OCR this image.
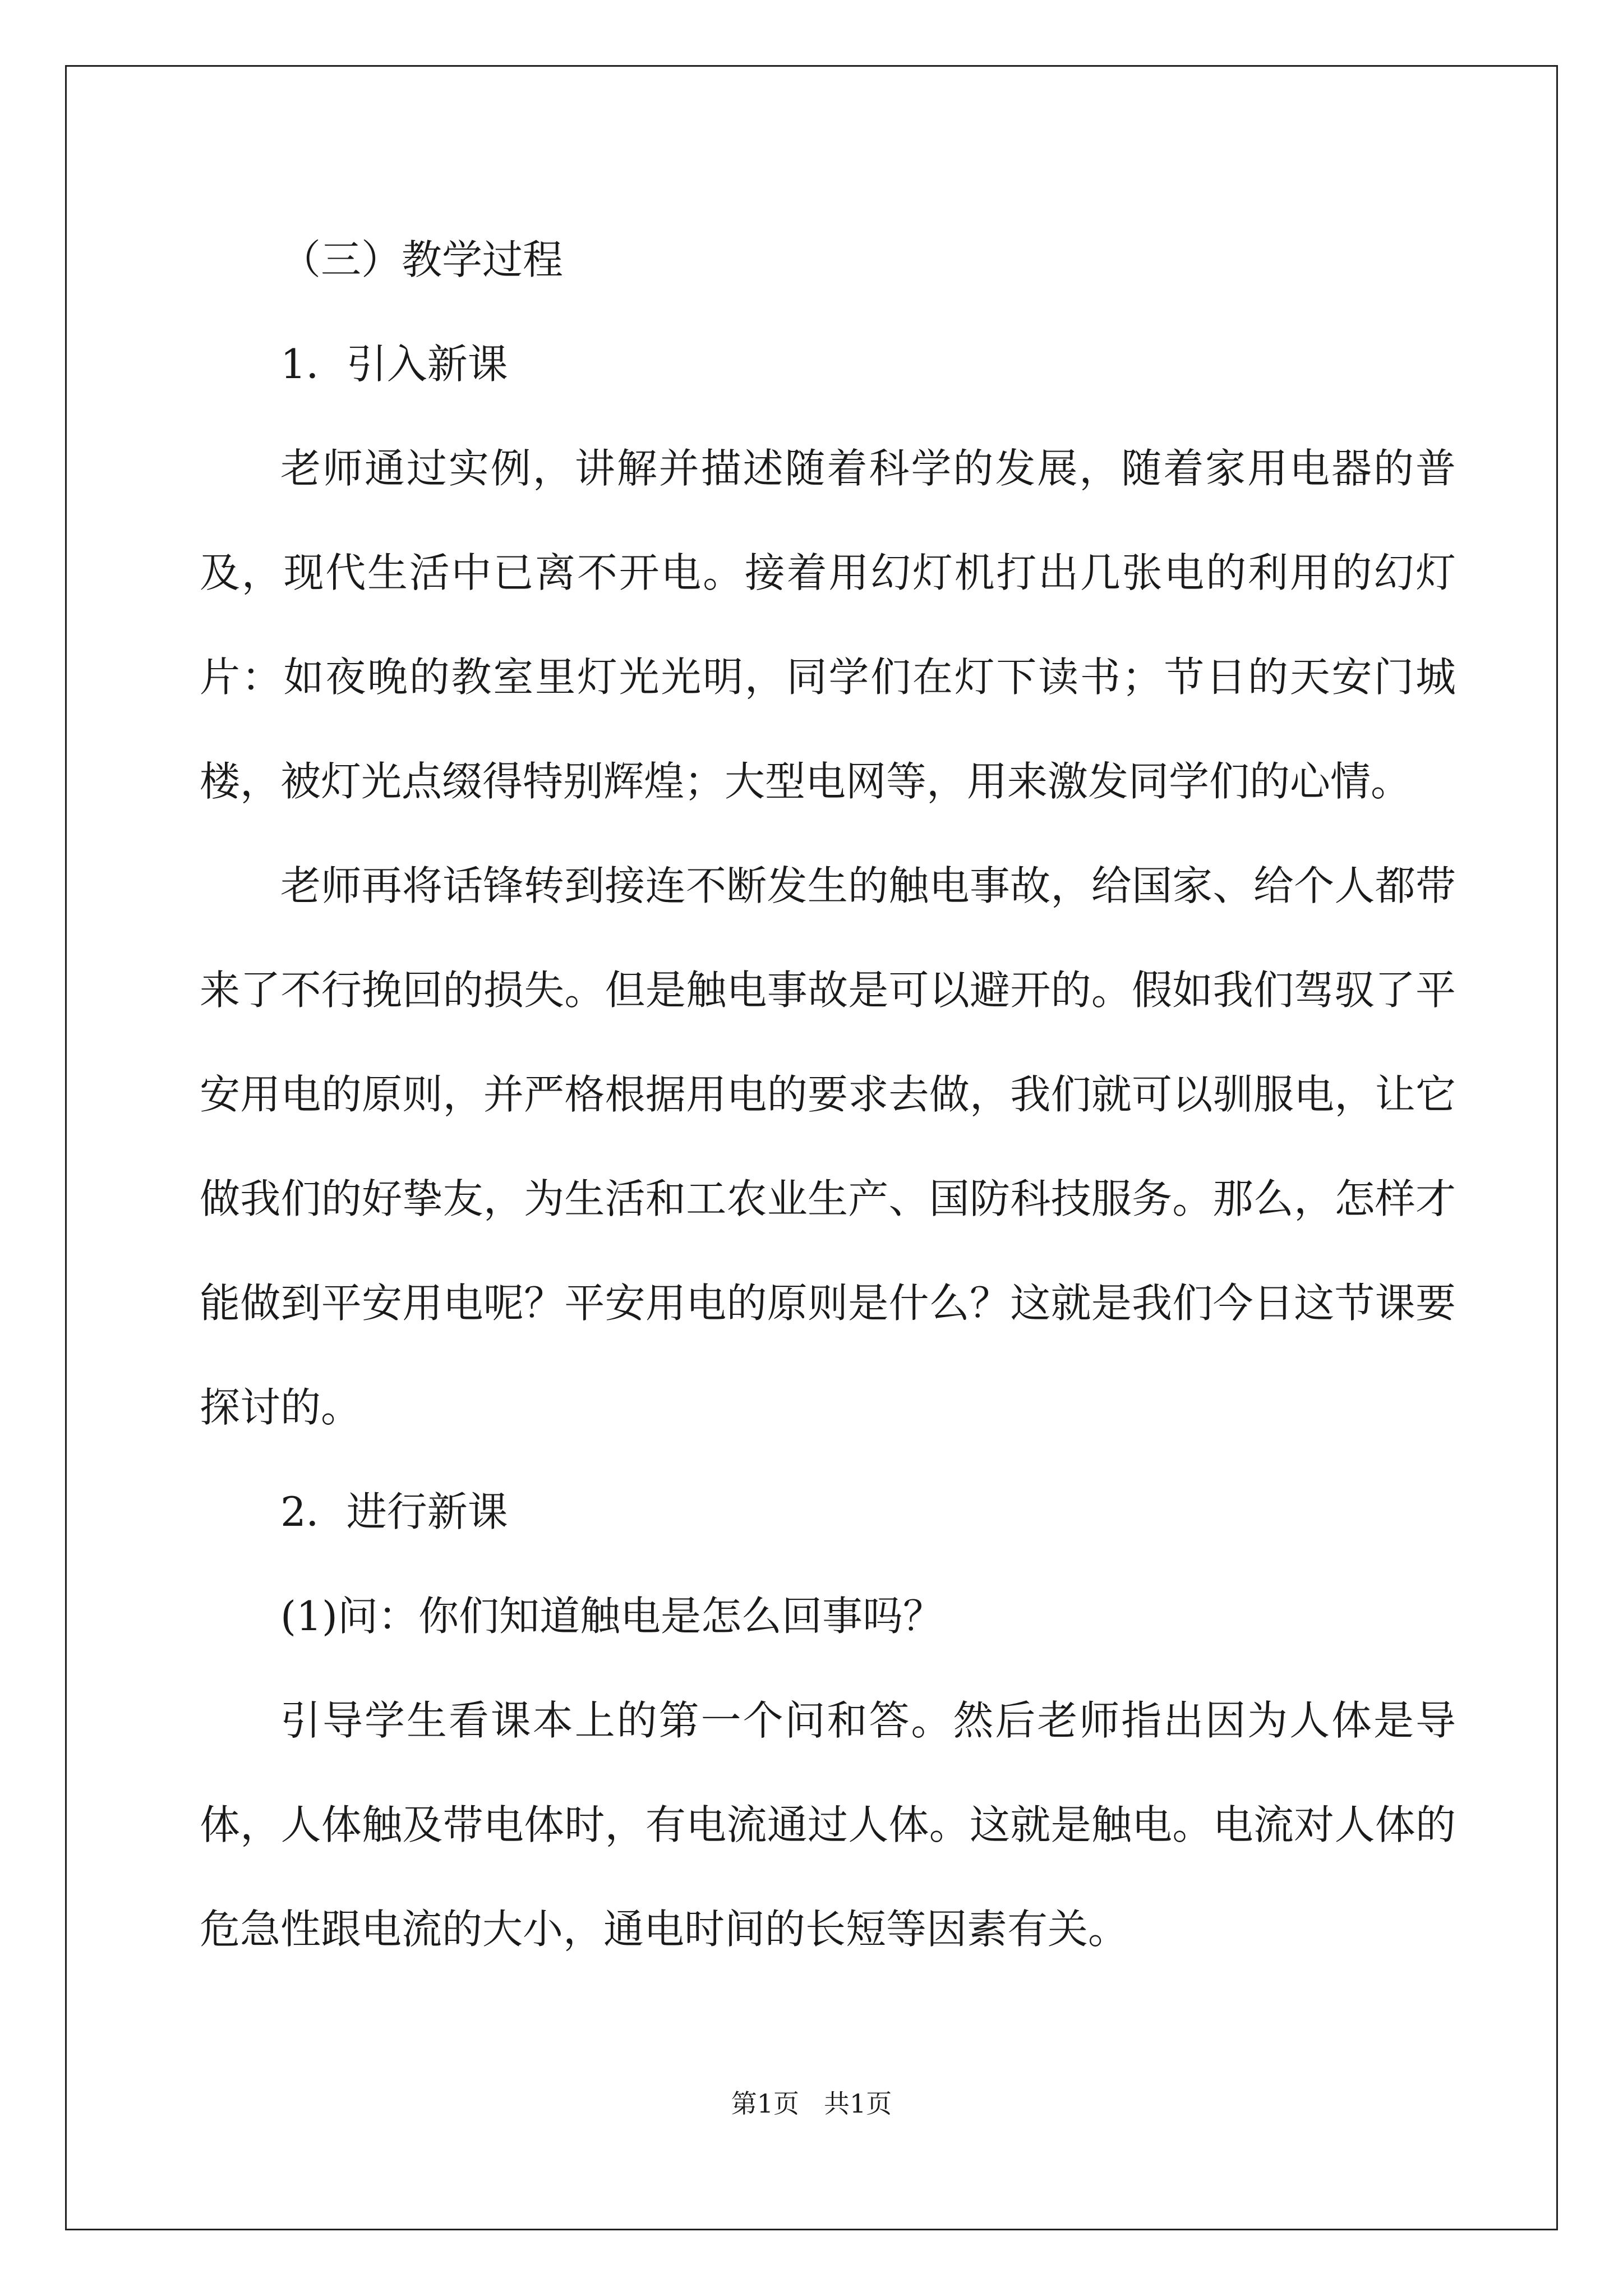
（三）教学过程

1．引入新课

老师通过实例，讲解并描述随着科学的发展，随着家用电器的普及，现代生活中已离不开电。接着用幻灯机打出几张电的利用的幻灯片：如夜晚的教室里灯光光明，同学们在灯下读书；节日的天安门城楼，被灯光点缀得特别辉煌；大型电网等，用来激发同学们的心情。

老师再将话锋转到接连不断发生的触电事故，给国家、给个人都带来了不行挽回的损失。但是触电事故是可以避开的。假如我们驾驭了平安用电的原则，并严格根据用电的要求去做，我们就可以驯服电，让它做我们的好挚友，为生活和工农业生产、国防科技服务。那么，怎样才能做到平安用电呢？平安用电的原则是什么？这就是我们今日这节课要探讨的。

2．进行新课

(1)问：你们知道触电是怎么回事吗？

引导学生看课本上的第一个问和答。然后老师指出因为人体是导体，人体触及带电体时，有电流通过人体。这就是触电。电流对人体的危急性跟电流的大小，通电时间的长短等因素有关。

第1页 共1页
